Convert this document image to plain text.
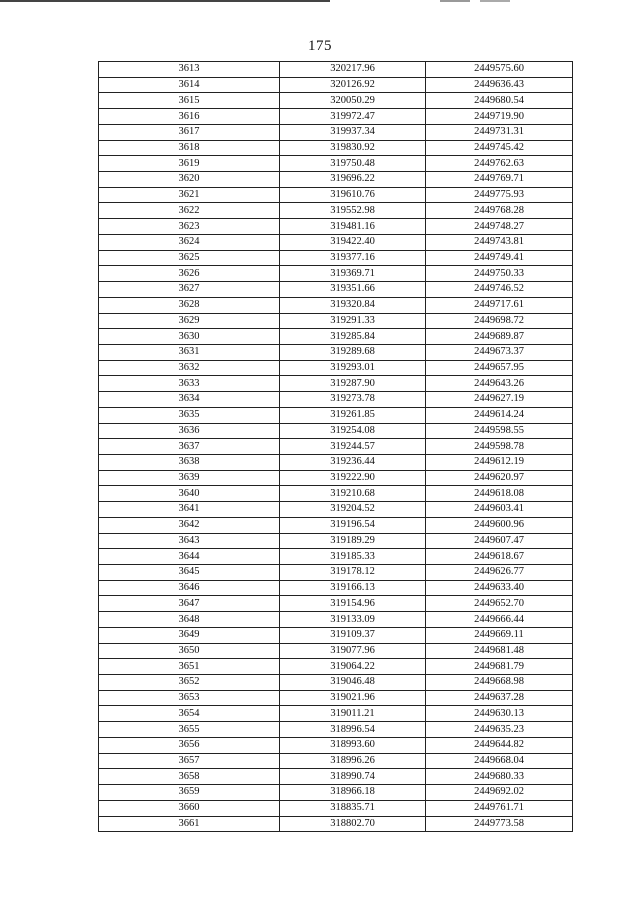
175
3613	320217.96	2449575.60
3614	320126.92	2449636.43
3615	320050.29	2449680.54
3616	319972.47	2449719.90
3617	319937.34	2449731.31
3618	319830.92	2449745.42
3619	319750.48	2449762.63
3620	319696.22	2449769.71
3621	319610.76	2449775.93
3622	319552.98	2449768.28
3623	319481.16	2449748.27
3624	319422.40	2449743.81
3625	319377.16	2449749.41
3626	319369.71	2449750.33
3627	319351.66	2449746.52
3628	319320.84	2449717.61
3629	319291.33	2449698.72
3630	319285.84	2449689.87
3631	319289.68	2449673.37
3632	319293.01	2449657.95
3633	319287.90	2449643.26
3634	319273.78	2449627.19
3635	319261.85	2449614.24
3636	319254.08	2449598.55
3637	319244.57	2449598.78
3638	319236.44	2449612.19
3639	319222.90	2449620.97
3640	319210.68	2449618.08
3641	319204.52	2449603.41
3642	319196.54	2449600.96
3643	319189.29	2449607.47
3644	319185.33	2449618.67
3645	319178.12	2449626.77
3646	319166.13	2449633.40
3647	319154.96	2449652.70
3648	319133.09	2449666.44
3649	319109.37	2449669.11
3650	319077.96	2449681.48
3651	319064.22	2449681.79
3652	319046.48	2449668.98
3653	319021.96	2449637.28
3654	319011.21	2449630.13
3655	318996.54	2449635.23
3656	318993.60	2449644.82
3657	318996.26	2449668.04
3658	318990.74	2449680.33
3659	318966.18	2449692.02
3660	318835.71	2449761.71
3661	318802.70	2449773.58
